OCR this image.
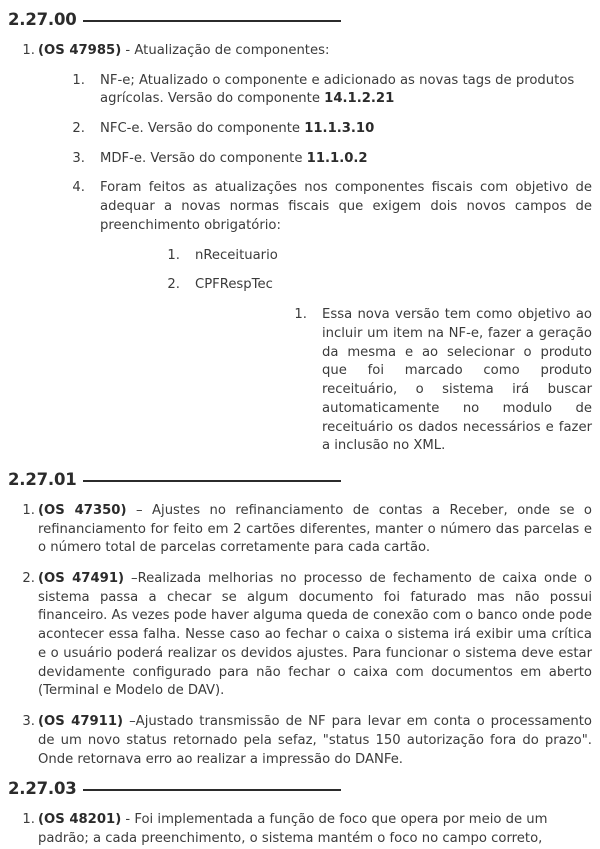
2.27.00
1. (OS 47985) - Atualização de componentes:
1. NF-e; Atualizado o componente e adicionado as novas tags de produtos agrícolas. Versão do componente 14.1.2.21
2. NFC-e. Versão do componente 11.1.3.10
3. MDF-e. Versão do componente 11.1.0.2
4. Foram feitos as atualizações nos componentes fiscais com objetivo de adequar a novas normas fiscais que exigem dois novos campos de preenchimento obrigatório:
1. nReceituario
2. CPFRespTec
1. Essa nova versão tem como objetivo ao incluir um item na NF-e, fazer a geração da mesma e ao selecionar o produto que foi marcado como produto receituário, o sistema irá buscar automaticamente no modulo de receituário os dados necessários e fazer a inclusão no XML.
2.27.01
1. (OS 47350) – Ajustes no refinanciamento de contas a Receber, onde se o refinanciamento for feito em 2 cartões diferentes, manter o número das parcelas e o número total de parcelas corretamente para cada cartão.
2. (OS 47491) –Realizada melhorias no processo de fechamento de caixa onde o sistema passa a checar se algum documento foi faturado mas não possui financeiro. As vezes pode haver alguma queda de conexão com o banco onde pode acontecer essa falha. Nesse caso ao fechar o caixa o sistema irá exibir uma crítica e o usuário poderá realizar os devidos ajustes. Para funcionar o sistema deve estar devidamente configurado para não fechar o caixa com documentos em aberto (Terminal e Modelo de DAV).
3. (OS 47911) –Ajustado transmissão de NF para levar em conta o processamento de um novo status retornado pela sefaz, "status 150 autorização fora do prazo". Onde retornava erro ao realizar a impressão do DANFe.
2.27.03
1. (OS 48201) - Foi implementada a função de foco que opera por meio de um padrão; a cada preenchimento, o sistema mantém o foco no campo correto,
